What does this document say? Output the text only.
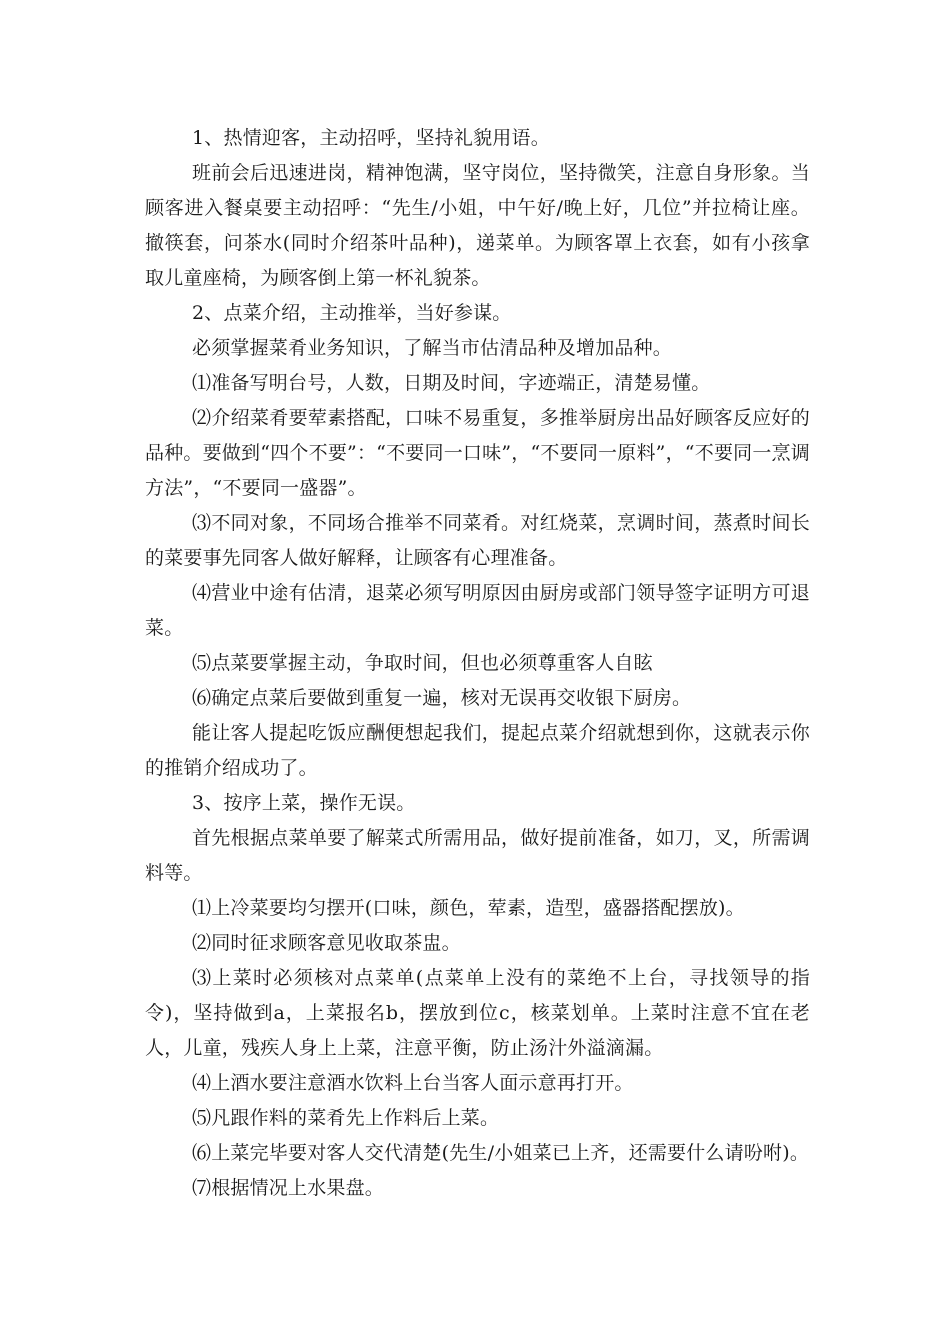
1、热情迎客，主动招呼，坚持礼貌用语。

班前会后迅速进岗，精神饱满，坚守岗位，坚持微笑，注意自身形象。当顾客进入餐桌要主动招呼：“先生/小姐，中午好/晚上好，几位”并拉椅让座。撤筷套，问茶水(同时介绍茶叶品种)，递菜单。为顾客罩上衣套，如有小孩拿取儿童座椅，为顾客倒上第一杯礼貌茶。

2、点菜介绍，主动推举，当好参谋。

必须掌握菜肴业务知识，了解当市估清品种及增加品种。

⑴准备写明台号，人数，日期及时间，字迹端正，清楚易懂。

⑵介绍菜肴要荤素搭配，口味不易重复，多推举厨房出品好顾客反应好的品种。要做到“四个不要”：“不要同一口味”，“不要同一原料”，“不要同一烹调方法”，“不要同一盛器”。

⑶不同对象，不同场合推举不同菜肴。对红烧菜，烹调时间，蒸煮时间长的菜要事先同客人做好解释，让顾客有心理准备。

⑷营业中途有估清，退菜必须写明原因由厨房或部门领导签字证明方可退菜。

⑸点菜要掌握主动，争取时间，但也必须尊重客人自眩

⑹确定点菜后要做到重复一遍，核对无误再交收银下厨房。

能让客人提起吃饭应酬便想起我们，提起点菜介绍就想到你，这就表示你的推销介绍成功了。

3、按序上菜，操作无误。

首先根据点菜单要了解菜式所需用品，做好提前准备，如刀，叉，所需调料等。

⑴上冷菜要均匀摆开(口味，颜色，荤素，造型，盛器搭配摆放)。

⑵同时征求顾客意见收取茶盅。

⑶上菜时必须核对点菜单(点菜单上没有的菜绝不上台，寻找领导的指令)，坚持做到a，上菜报名b，摆放到位c，核菜划单。上菜时注意不宜在老人，儿童，残疾人身上上菜，注意平衡，防止汤汁外溢滴漏。

⑷上酒水要注意酒水饮料上台当客人面示意再打开。

⑸凡跟作料的菜肴先上作料后上菜。

⑹上菜完毕要对客人交代清楚(先生/小姐菜已上齐，还需要什么请吩咐)。

⑺根据情况上水果盘。
